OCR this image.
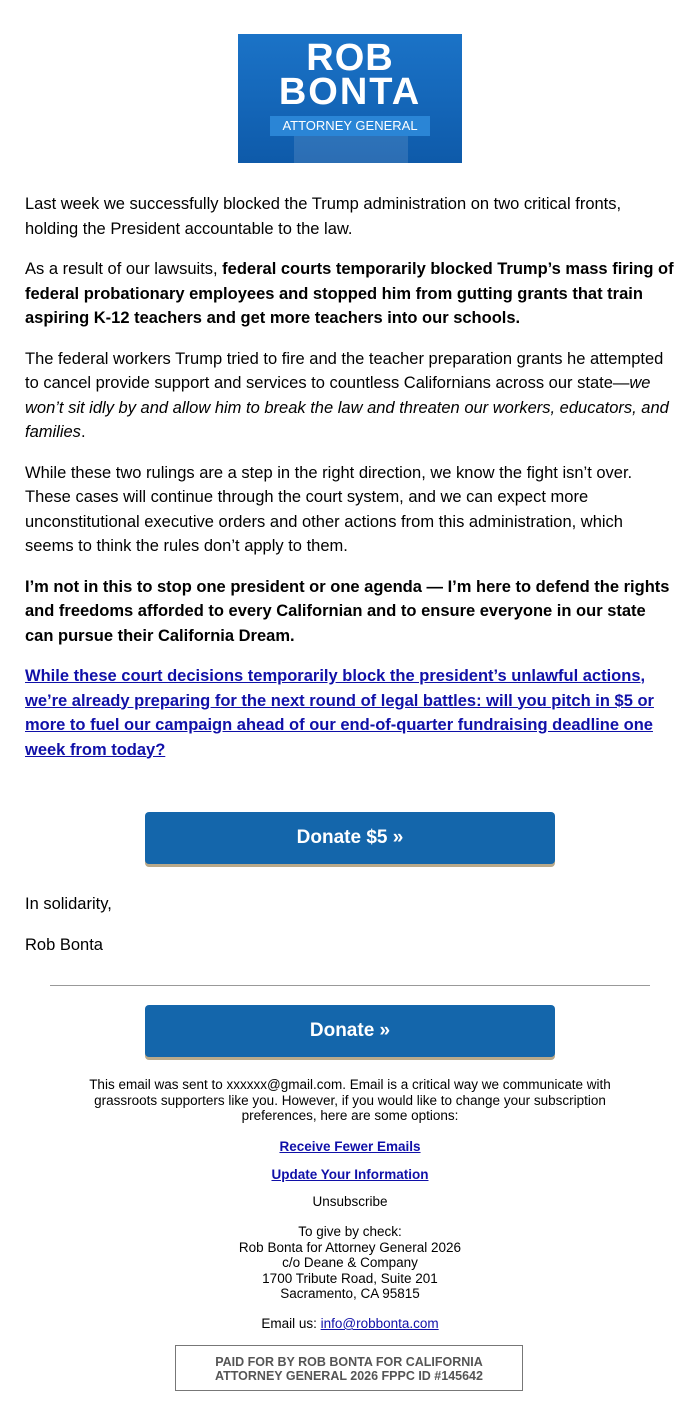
ROB
BONTA
ATTORNEY GENERAL

Last week we successfully blocked the Trump administration on two critical fronts, holding the President accountable to the law.

As a result of our lawsuits, federal courts temporarily blocked Trump’s mass firing of federal probationary employees and stopped him from gutting grants that train aspiring K-12 teachers and get more teachers into our schools.

The federal workers Trump tried to fire and the teacher preparation grants he attempted to cancel provide support and services to countless Californians across our state—we won’t sit idly by and allow him to break the law and threaten our workers, educators, and families.

While these two rulings are a step in the right direction, we know the fight isn’t over. These cases will continue through the court system, and we can expect more unconstitutional executive orders and other actions from this administration, which seems to think the rules don’t apply to them.

I’m not in this to stop one president or one agenda — I’m here to defend the rights and freedoms afforded to every Californian and to ensure everyone in our state can pursue their California Dream.

While these court decisions temporarily block the president’s unlawful actions, we’re already preparing for the next round of legal battles: will you pitch in $5 or more to fuel our campaign ahead of our end-of-quarter fundraising deadline one week from today?

Donate $5 »
In solidarity,
Rob Bonta
Donate »
This email was sent to xxxxxx@gmail.com. Email is a critical way we communicate with grassroots supporters like you. However, if you would like to change your subscription preferences, here are some options:
Receive Fewer Emails
Update Your Information
Unsubscribe
To give by check:
Rob Bonta for Attorney General 2026
c/o Deane & Company
1700 Tribute Road, Suite 201
Sacramento, CA 95815
Email us: info@robbonta.com
PAID FOR BY ROB BONTA FOR CALIFORNIA
ATTORNEY GENERAL 2026 FPPC ID #145642
